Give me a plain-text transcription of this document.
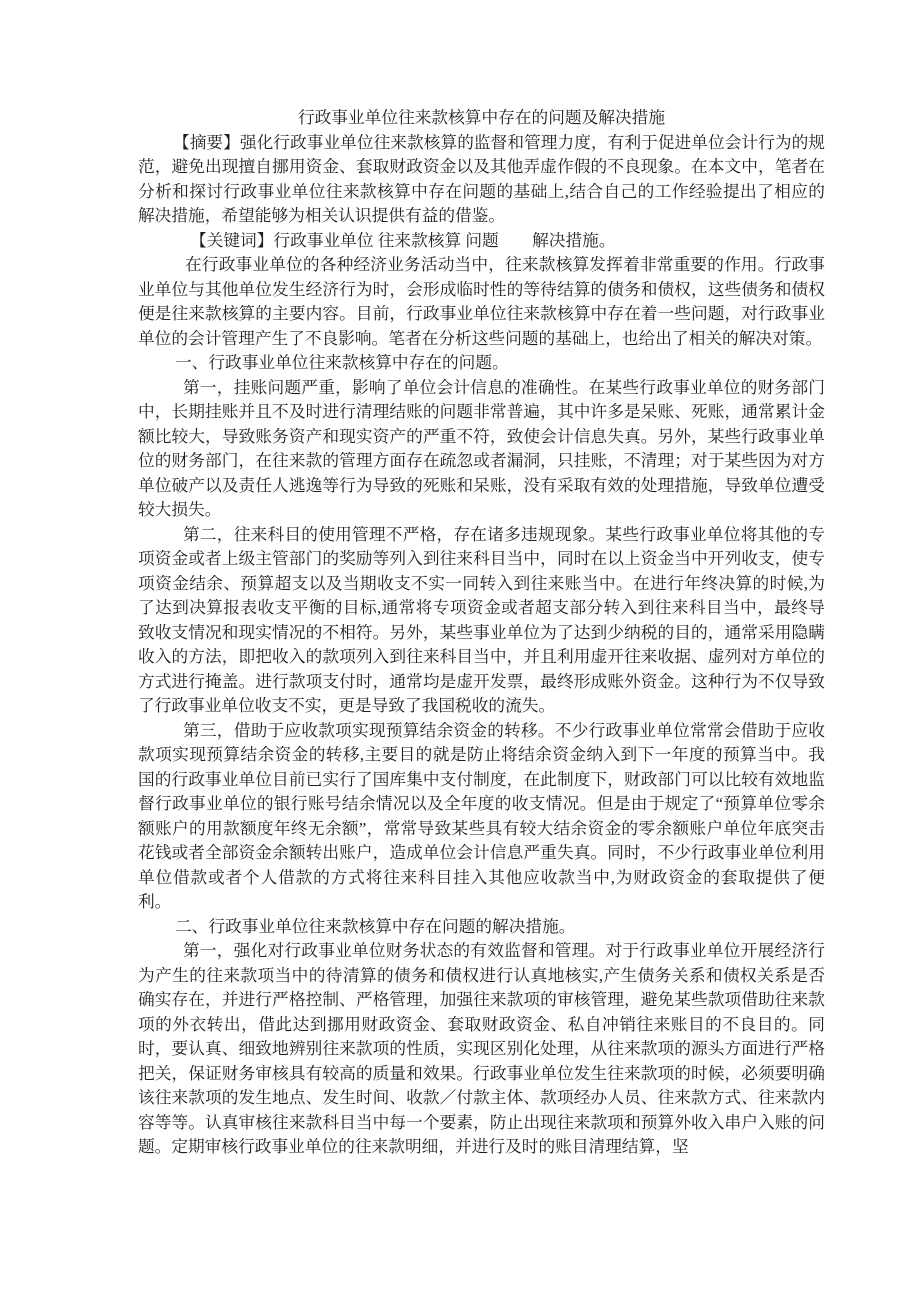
行政事业单位往来款核算中存在的问题及解决措施

【摘要】强化行政事业单位往来款核算的监督和管理力度，有利于促进单位会计行为的规范，避免出现擅自挪用资金、套取财政资金以及其他弄虚作假的不良现象。在本文中，笔者在分析和探讨行政事业单位往来款核算中存在问题的基础上,结合自己的工作经验提出了相应的解决措施，希望能够为相关认识提供有益的借鉴。

【关键词】行政事业单位 往来款核算 问题　　解决措施。

在行政事业单位的各种经济业务活动当中，往来款核算发挥着非常重要的作用。行政事业单位与其他单位发生经济行为时，会形成临时性的等待结算的债务和债权，这些债务和债权便是往来款核算的主要内容。目前，行政事业单位往来款核算中存在着一些问题，对行政事业单位的会计管理产生了不良影响。笔者在分析这些问题的基础上，也给出了相关的解决对策。

一、行政事业单位往来款核算中存在的问题。

第一，挂账问题严重，影响了单位会计信息的准确性。在某些行政事业单位的财务部门中，长期挂账并且不及时进行清理结账的问题非常普遍，其中许多是呆账、死账，通常累计金额比较大，导致账务资产和现实资产的严重不符，致使会计信息失真。另外，某些行政事业单位的财务部门，在往来款的管理方面存在疏忽或者漏洞，只挂账，不清理；对于某些因为对方单位破产以及责任人逃逸等行为导致的死账和呆账，没有采取有效的处理措施，导致单位遭受较大损失。

第二，往来科目的使用管理不严格，存在诸多违规现象。某些行政事业单位将其他的专项资金或者上级主管部门的奖励等列入到往来科目当中，同时在以上资金当中开列收支，使专项资金结余、预算超支以及当期收支不实一同转入到往来账当中。在进行年终决算的时候,为了达到决算报表收支平衡的目标,通常将专项资金或者超支部分转入到往来科目当中，最终导致收支情况和现实情况的不相符。另外，某些事业单位为了达到少纳税的目的，通常采用隐瞒收入的方法，即把收入的款项列入到往来科目当中，并且利用虚开往来收据、虚列对方单位的方式进行掩盖。进行款项支付时，通常均是虚开发票，最终形成账外资金。这种行为不仅导致了行政事业单位收支不实，更是导致了我国税收的流失。

第三，借助于应收款项实现预算结余资金的转移。不少行政事业单位常常会借助于应收款项实现预算结余资金的转移,主要目的就是防止将结余资金纳入到下一年度的预算当中。我国的行政事业单位目前已实行了国库集中支付制度，在此制度下，财政部门可以比较有效地监督行政事业单位的银行账号结余情况以及全年度的收支情况。但是由于规定了“预算单位零余额账户的用款额度年终无余额”，常常导致某些具有较大结余资金的零余额账户单位年底突击花钱或者全部资金余额转出账户，造成单位会计信息严重失真。同时，不少行政事业单位利用单位借款或者个人借款的方式将往来科目挂入其他应收款当中,为财政资金的套取提供了便利。

二、行政事业单位往来款核算中存在问题的解决措施。

第一，强化对行政事业单位财务状态的有效监督和管理。对于行政事业单位开展经济行为产生的往来款项当中的待清算的债务和债权进行认真地核实,产生债务关系和债权关系是否确实存在，并进行严格控制、严格管理，加强往来款项的审核管理，避免某些款项借助往来款项的外衣转出，借此达到挪用财政资金、套取财政资金、私自冲销往来账目的不良目的。同时，要认真、细致地辨别往来款项的性质，实现区别化处理，从往来款项的源头方面进行严格把关，保证财务审核具有较高的质量和效果。行政事业单位发生往来款项的时候，必须要明确该往来款项的发生地点、发生时间、收款／付款主体、款项经办人员、往来款方式、往来款内容等等。认真审核往来款科目当中每一个要素，防止出现往来款项和预算外收入串户入账的问题。定期审核行政事业单位的往来款明细，并进行及时的账目清理结算，坚
